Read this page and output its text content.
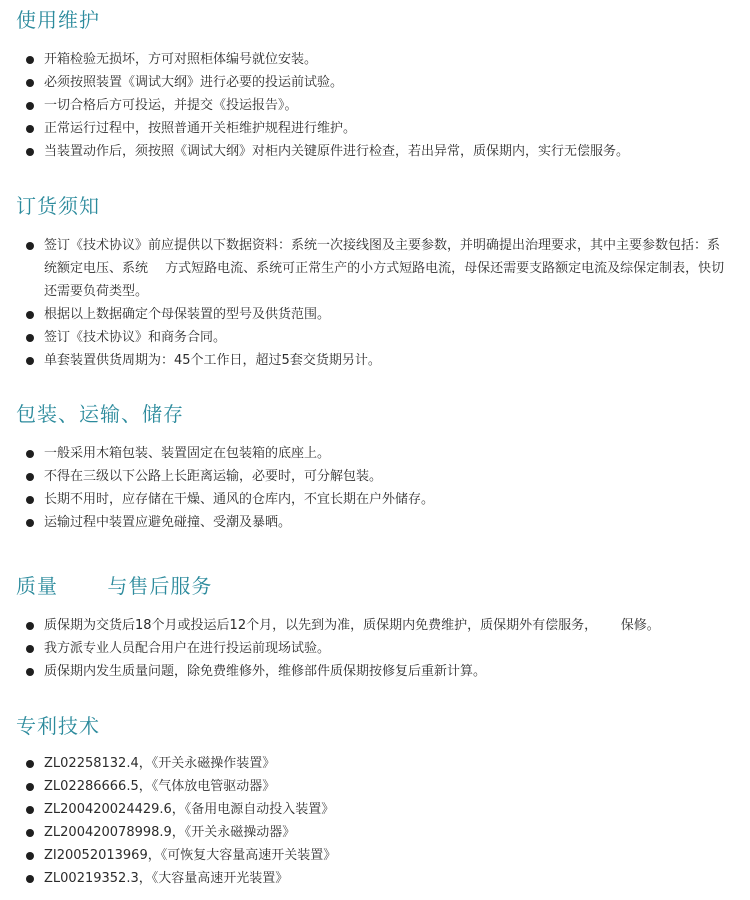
使用维护
开箱检验无损坏，方可对照柜体编号就位安装。
必须按照装置《调试大纲》进行必要的投运前试验。
一切合格后方可投运，并提交《投运报告》。
正常运行过程中，按照普通开关柜维护规程进行维护。
当装置动作后，须按照《调试大纲》对柜内关键原件进行检查，若出异常，质保期内，实行无偿服务。
订货须知
签订《技术协议》前应提供以下数据资料：系统一次接线图及主要参数，并明确提出治理要求，其中主要参数包括：系统额定电压、系统　 方式短路电流、系统可正常生产的小方式短路电流，母保还需要支路额定电流及综保定制表，快切还需要负荷类型。
根据以上数据确定个母保装置的型号及供货范围。
签订《技术协议》和商务合同。
单套装置供货周期为：45个工作日，超过5套交货期另计。
包装、运输、储存
一般采用木箱包装、装置固定在包装箱的底座上。
不得在三级以下公路上长距离运输，必要时，可分解包装。
长期不用时，应存储在干燥、通风的仓库内，不宜长期在户外储存。
运输过程中装置应避免碰撞、受潮及暴晒。
质量　　 与售后服务
质保期为交货后18个月或投运后12个月，以先到为准，质保期内免费维护，质保期外有偿服务，　　 保修。
我方派专业人员配合用户在进行投运前现场试验。
质保期内发生质量问题，除免费维修外，维修部件质保期按修复后重新计算。
专利技术
ZL02258132.4，《开关永磁操作装置》
ZL02286666.5，《气体放电管驱动器》
ZL200420024429.6，《备用电源自动投入装置》
ZL200420078998.9，《开关永磁操动器》
ZI20052013969，《可恢复大容量高速开关装置》
ZL00219352.3，《大容量高速开光装置》
